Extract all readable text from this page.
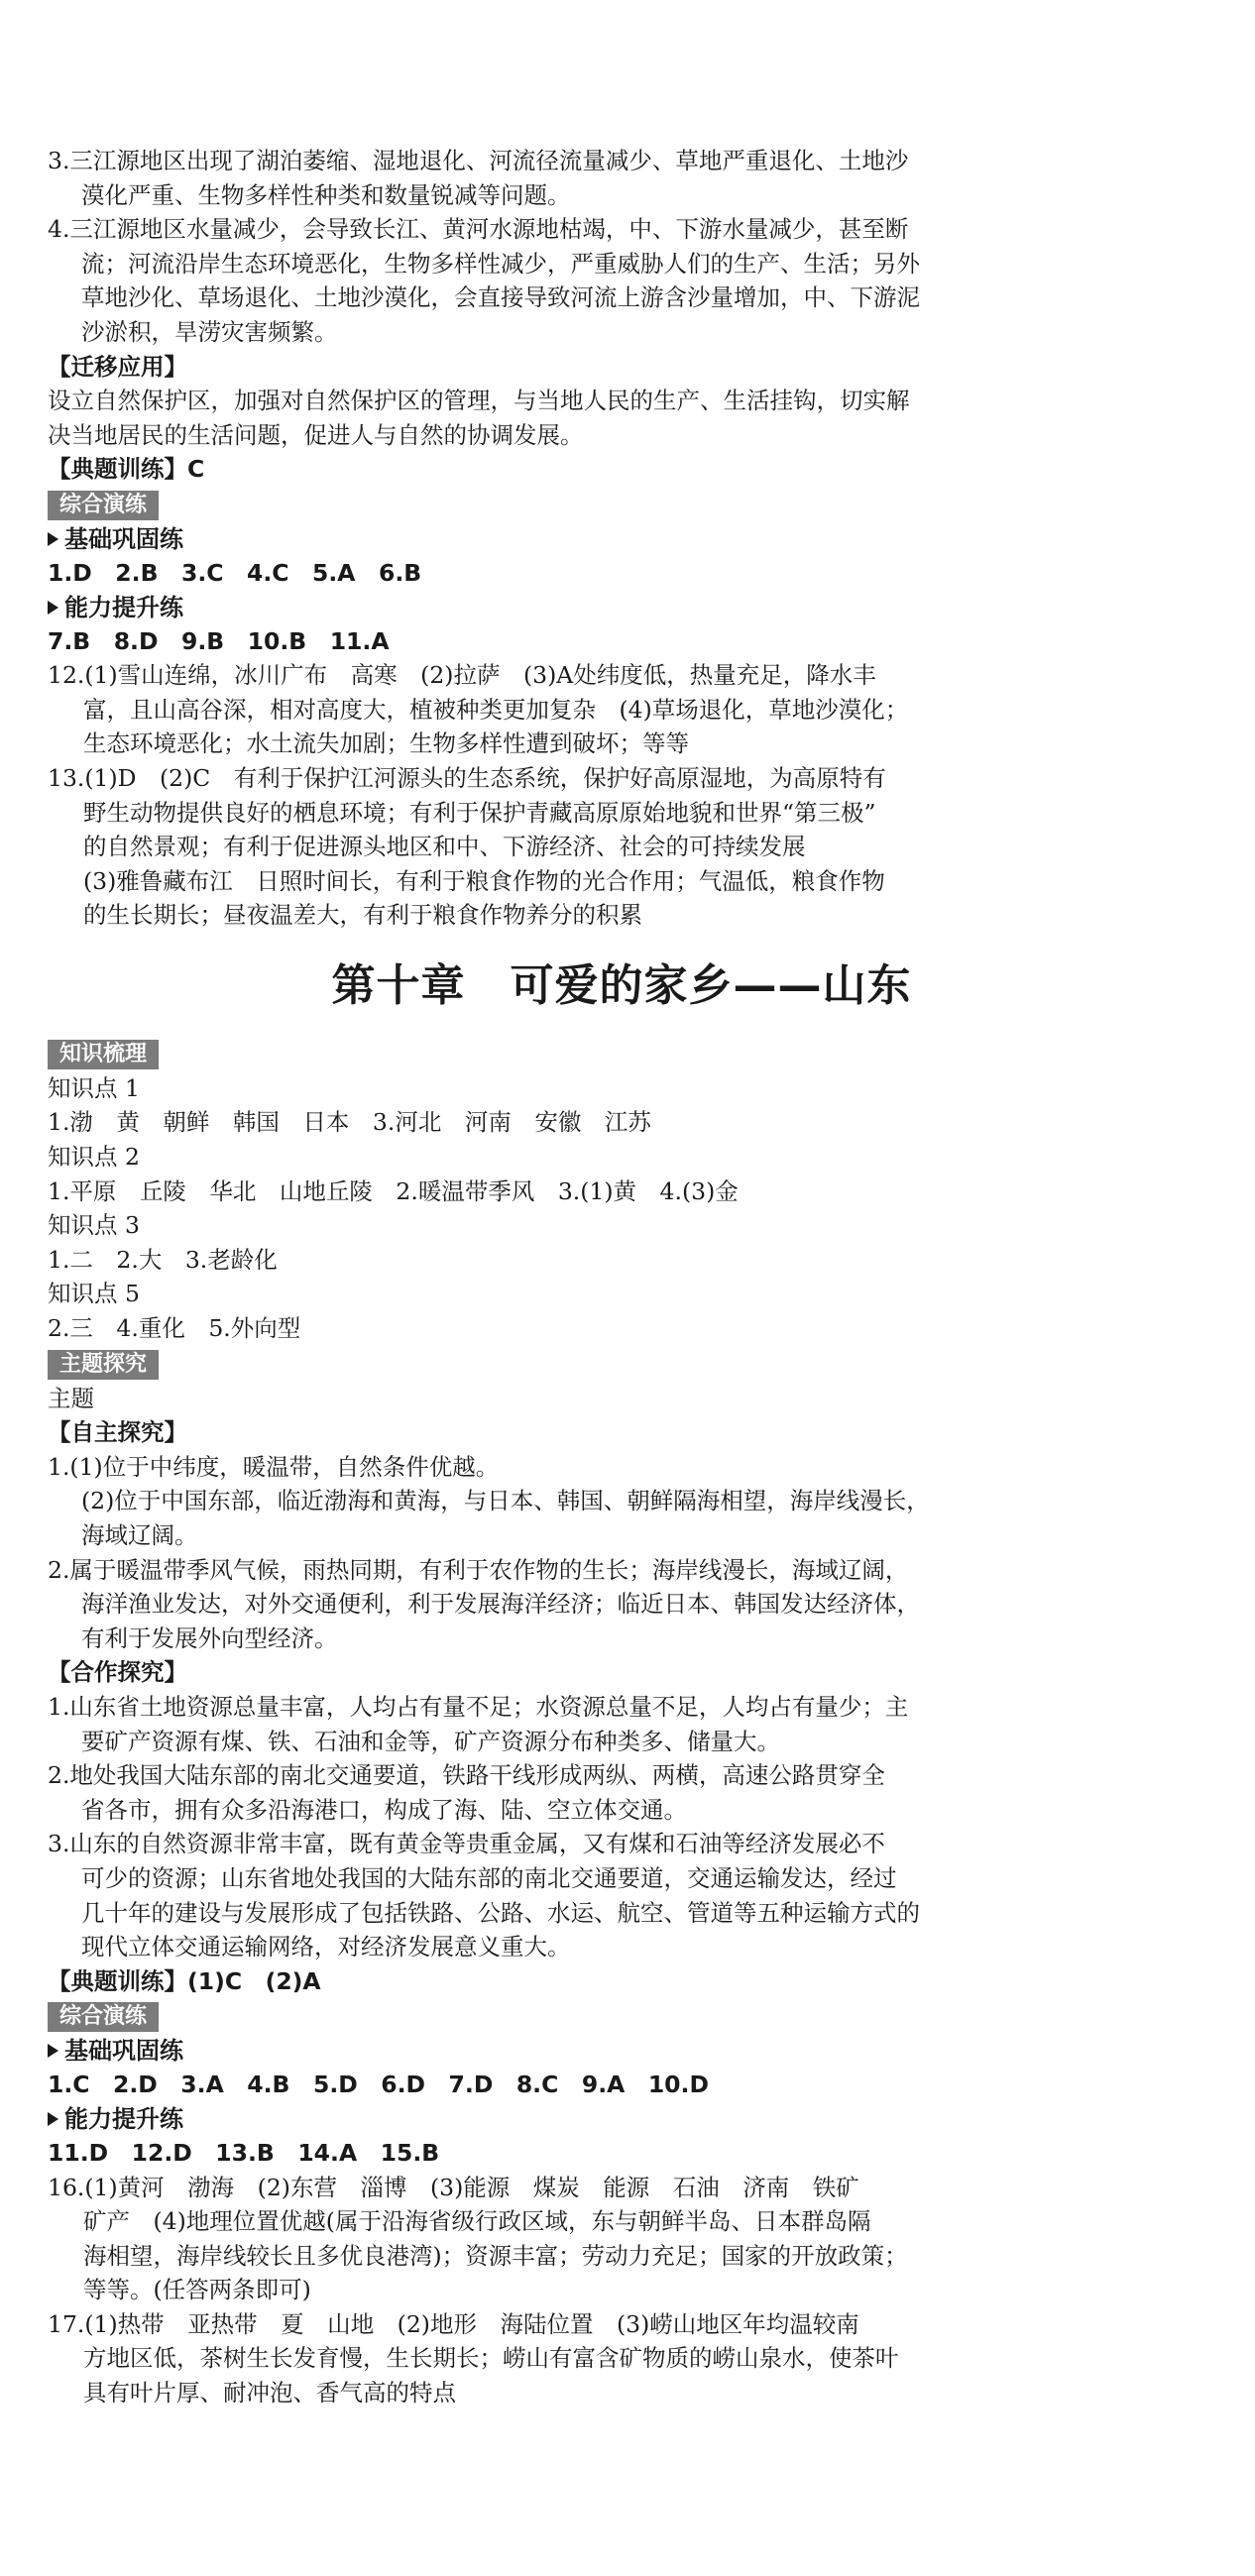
3.三江源地区出现了湖泊萎缩、湿地退化、河流径流量减少、草地严重退化、土地沙
漠化严重、生物多样性种类和数量锐减等问题。
4.三江源地区水量减少，会导致长江、黄河水源地枯竭，中、下游水量减少，甚至断
流；河流沿岸生态环境恶化，生物多样性减少，严重威胁人们的生产、生活；另外
草地沙化、草场退化、土地沙漠化，会直接导致河流上游含沙量增加，中、下游泥
沙淤积，旱涝灾害频繁。
【迁移应用】
设立自然保护区，加强对自然保护区的管理，与当地人民的生产、生活挂钩，切实解
决当地居民的生活问题，促进人与自然的协调发展。
【典题训练】C
综合演练
基础巩固练
1.D　2.B　3.C　4.C　5.A　6.B
能力提升练
7.B　8.D　9.B　10.B　11.A
12.(1)雪山连绵，冰川广布　高寒　(2)拉萨　(3)A处纬度低，热量充足，降水丰
富，且山高谷深，相对高度大，植被种类更加复杂　(4)草场退化，草地沙漠化；
生态环境恶化；水土流失加剧；生物多样性遭到破坏；等等
13.(1)D　(2)C　有利于保护江河源头的生态系统，保护好高原湿地，为高原特有
野生动物提供良好的栖息环境；有利于保护青藏高原原始地貌和世界“第三极”
的自然景观；有利于促进源头地区和中、下游经济、社会的可持续发展
(3)雅鲁藏布江　日照时间长，有利于粮食作物的光合作用；气温低，粮食作物
的生长期长；昼夜温差大，有利于粮食作物养分的积累
第十章　可爱的家乡——山东
知识梳理
知识点 1
1.渤　黄　朝鲜　韩国　日本　3.河北　河南　安徽　江苏
知识点 2
1.平原　丘陵　华北　山地丘陵　2.暖温带季风　3.(1)黄　4.(3)金
知识点 3
1.二　2.大　3.老龄化
知识点 5
2.三　4.重化　5.外向型
主题探究
主题
【自主探究】
1.(1)位于中纬度，暖温带，自然条件优越。
(2)位于中国东部，临近渤海和黄海，与日本、韩国、朝鲜隔海相望，海岸线漫长，
海域辽阔。
2.属于暖温带季风气候，雨热同期，有利于农作物的生长；海岸线漫长，海域辽阔，
海洋渔业发达，对外交通便利，利于发展海洋经济；临近日本、韩国发达经济体，
有利于发展外向型经济。
【合作探究】
1.山东省土地资源总量丰富，人均占有量不足；水资源总量不足，人均占有量少；主
要矿产资源有煤、铁、石油和金等，矿产资源分布种类多、储量大。
2.地处我国大陆东部的南北交通要道，铁路干线形成两纵、两横，高速公路贯穿全
省各市，拥有众多沿海港口，构成了海、陆、空立体交通。
3.山东的自然资源非常丰富，既有黄金等贵重金属，又有煤和石油等经济发展必不
可少的资源；山东省地处我国的大陆东部的南北交通要道，交通运输发达，经过
几十年的建设与发展形成了包括铁路、公路、水运、航空、管道等五种运输方式的
现代立体交通运输网络，对经济发展意义重大。
【典题训练】(1)C　(2)A
综合演练
基础巩固练
1.C　2.D　3.A　4.B　5.D　6.D　7.D　8.C　9.A　10.D
能力提升练
11.D　12.D　13.B　14.A　15.B
16.(1)黄河　渤海　(2)东营　淄博　(3)能源　煤炭　能源　石油　济南　铁矿
矿产　(4)地理位置优越(属于沿海省级行政区域，东与朝鲜半岛、日本群岛隔
海相望，海岸线较长且多优良港湾)；资源丰富；劳动力充足；国家的开放政策；
等等。(任答两条即可)
17.(1)热带　亚热带　夏　山地　(2)地形　海陆位置　(3)崂山地区年均温较南
方地区低，茶树生长发育慢，生长期长；崂山有富含矿物质的崂山泉水，使茶叶
具有叶片厚、耐冲泡、香气高的特点
